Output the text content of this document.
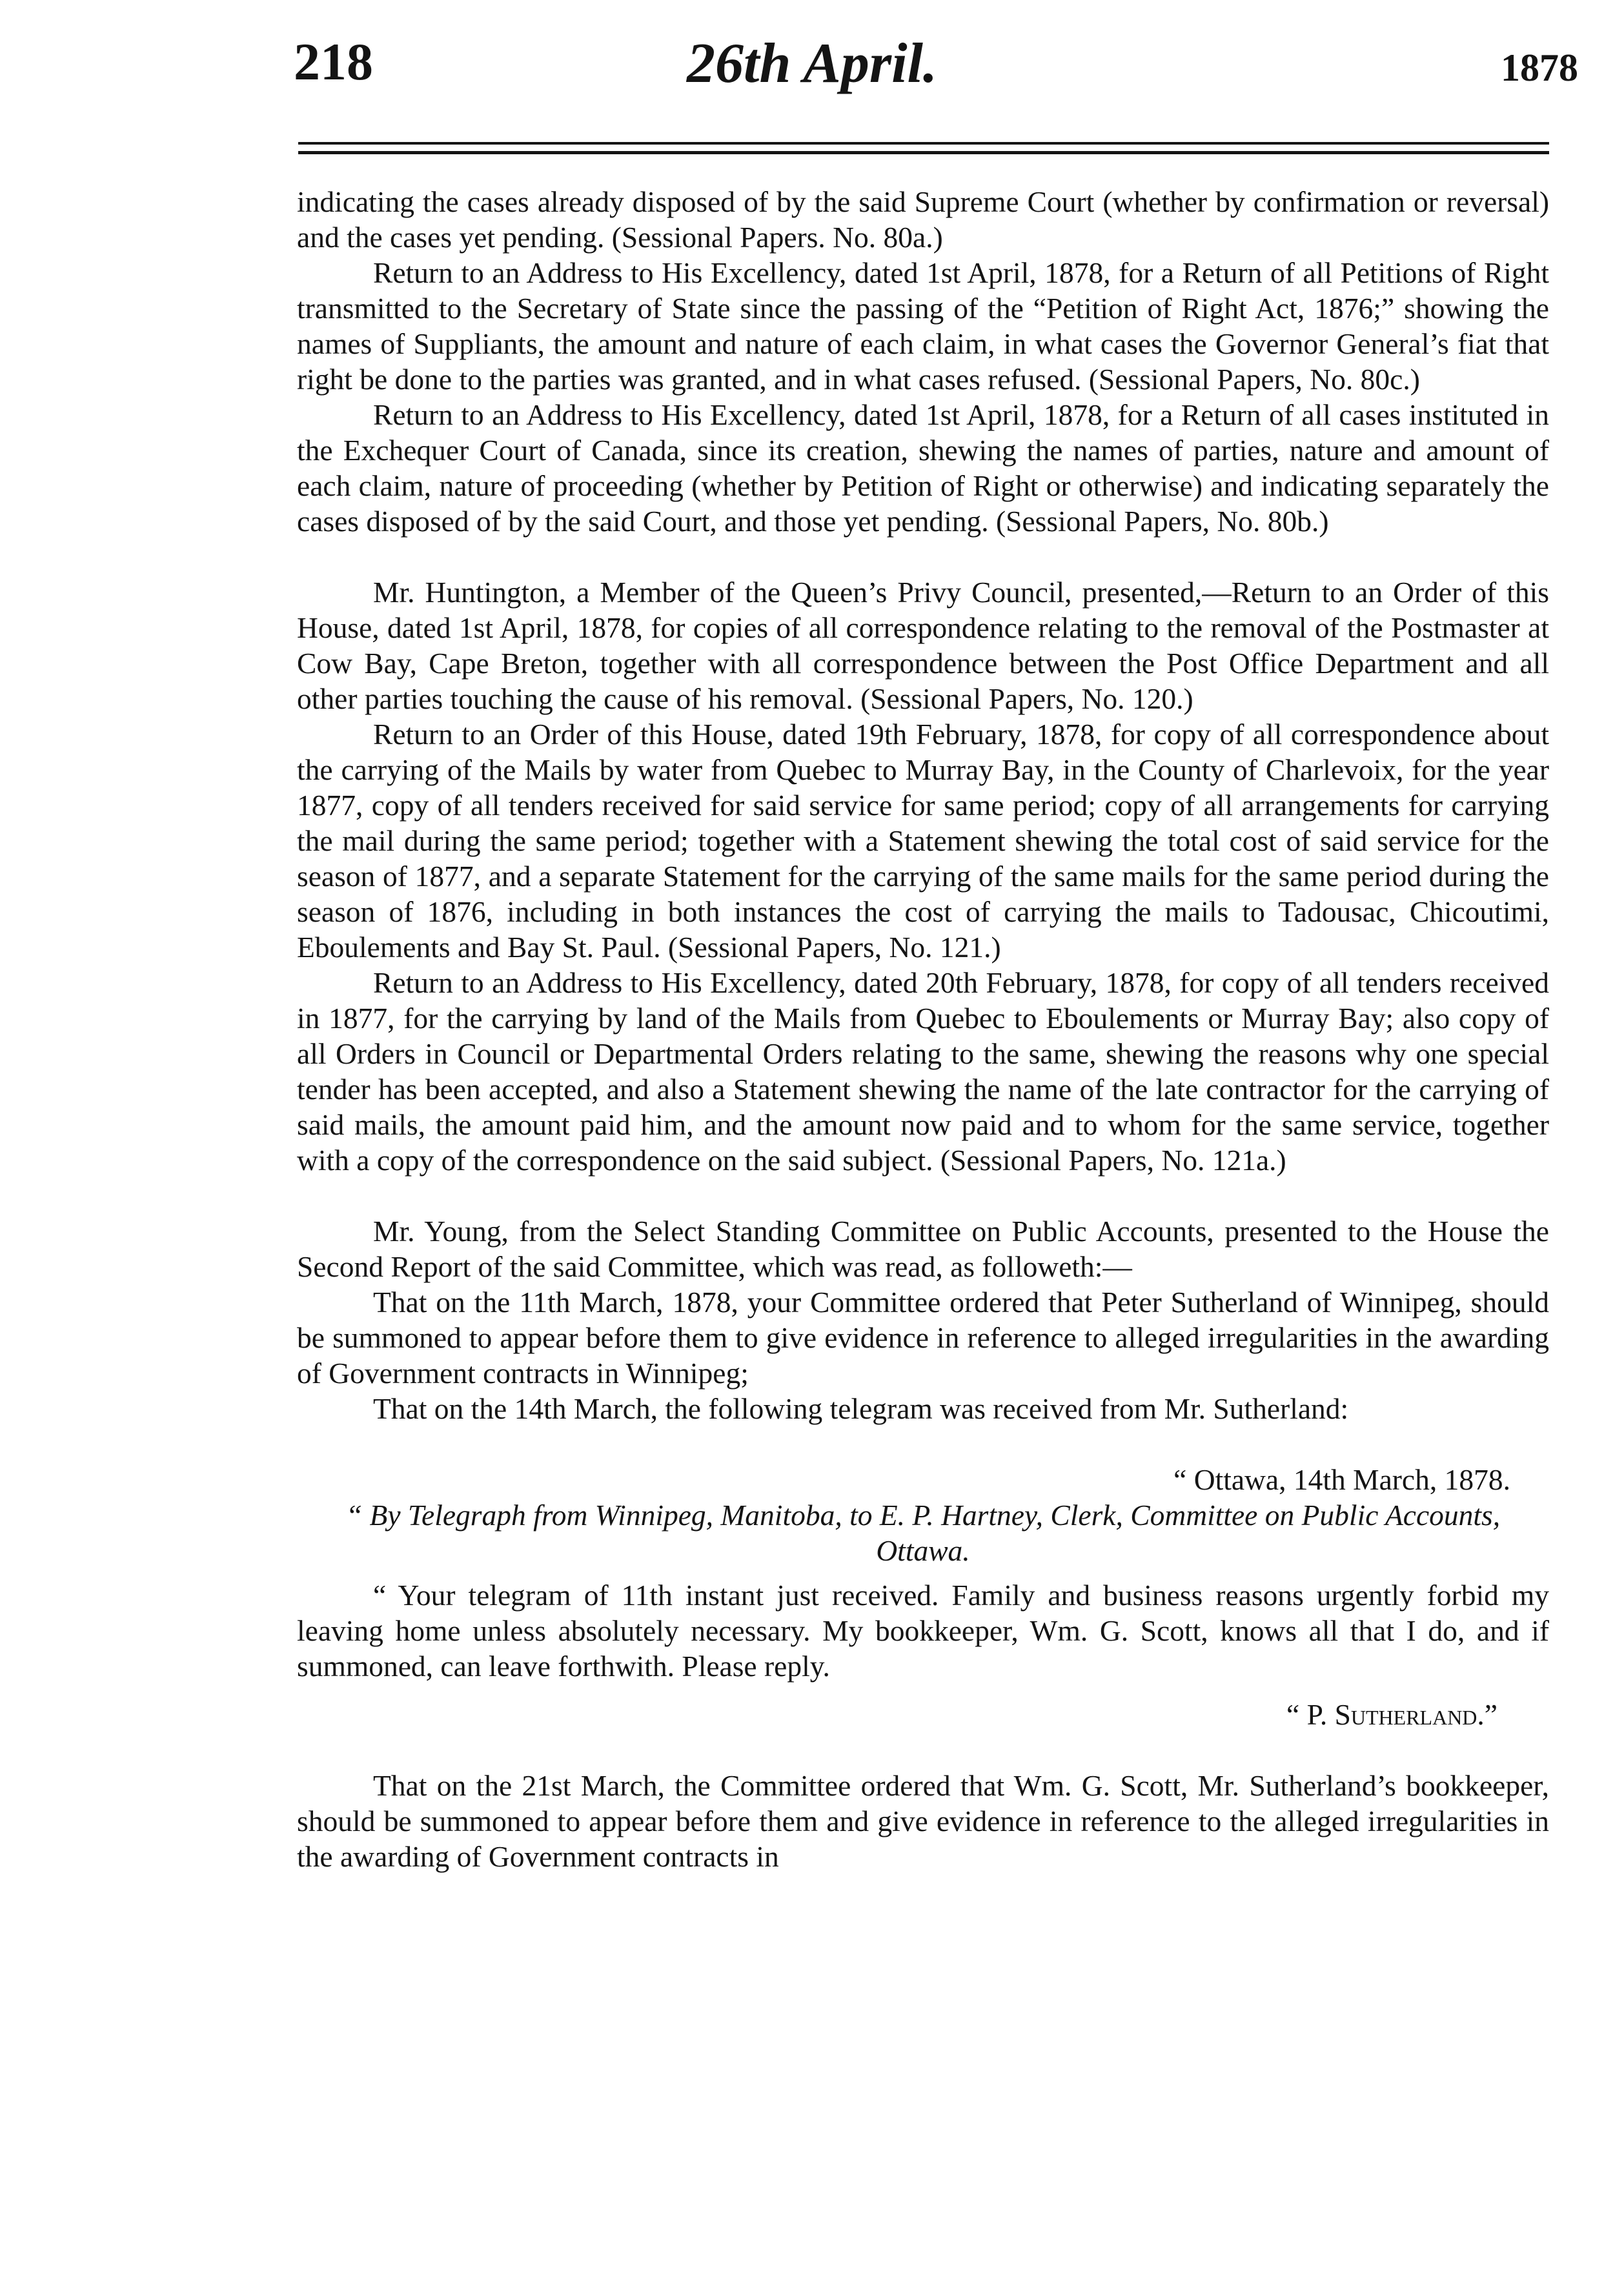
218	26th April.	1878

indicating the cases already disposed of by the said Supreme Court (whether by confirmation or reversal) and the cases yet pending. (Sessional Papers. No. 80a.)

Return to an Address to His Excellency, dated 1st April, 1878, for a Return of all Petitions of Right transmitted to the Secretary of State since the passing of the “Petition of Right Act, 1876;” showing the names of Suppliants, the amount and nature of each claim, in what cases the Governor General’s fiat that right be done to the parties was granted, and in what cases refused. (Sessional Papers, No. 80c.)

Return to an Address to His Excellency, dated 1st April, 1878, for a Return of all cases instituted in the Exchequer Court of Canada, since its creation, shewing the names of parties, nature and amount of each claim, nature of proceeding (whether by Petition of Right or otherwise) and indicating separately the cases disposed of by the said Court, and those yet pending. (Sessional Papers, No. 80b.)

Mr. Huntington, a Member of the Queen’s Privy Council, presented,—Return to an Order of this House, dated 1st April, 1878, for copies of all correspondence relating to the removal of the Postmaster at Cow Bay, Cape Breton, together with all correspondence between the Post Office Department and all other parties touching the cause of his removal. (Sessional Papers, No. 120.)

Return to an Order of this House, dated 19th February, 1878, for copy of all correspondence about the carrying of the Mails by water from Quebec to Murray Bay, in the County of Charlevoix, for the year 1877, copy of all tenders received for said service for same period; copy of all arrangements for carrying the mail during the same period; together with a Statement shewing the total cost of said service for the season of 1877, and a separate Statement for the carrying of the same mails for the same period during the season of 1876, including in both instances the cost of carrying the mails to Tadousac, Chicoutimi, Eboulements and Bay St. Paul. (Sessional Papers, No. 121.)

Return to an Address to His Excellency, dated 20th February, 1878, for copy of all tenders received in 1877, for the carrying by land of the Mails from Quebec to Eboulements or Murray Bay; also copy of all Orders in Council or Departmental Orders relating to the same, shewing the reasons why one special tender has been accepted, and also a Statement shewing the name of the late contractor for the carrying of said mails, the amount paid him, and the amount now paid and to whom for the same service, together with a copy of the correspondence on the said subject. (Sessional Papers, No. 121a.)

Mr. Young, from the Select Standing Committee on Public Accounts, presented to the House the Second Report of the said Committee, which was read, as followeth:—

That on the 11th March, 1878, your Committee ordered that Peter Sutherland of Winnipeg, should be summoned to appear before them to give evidence in reference to alleged irregularities in the awarding of Government contracts in Winnipeg;

That on the 14th March, the following telegram was received from Mr. Sutherland:

“ Ottawa, 14th March, 1878.

“ By Telegraph from Winnipeg, Manitoba, to E. P. Hartney, Clerk, Committee on Public Accounts, Ottawa.

“ Your telegram of 11th instant just received. Family and business reasons urgently forbid my leaving home unless absolutely necessary. My bookkeeper, Wm. G. Scott, knows all that I do, and if summoned, can leave forthwith. Please reply.

“ P. Sutherland.”

That on the 21st March, the Committee ordered that Wm. G. Scott, Mr. Sutherland’s bookkeeper, should be summoned to appear before them and give evidence in reference to the alleged irregularities in the awarding of Government contracts in
